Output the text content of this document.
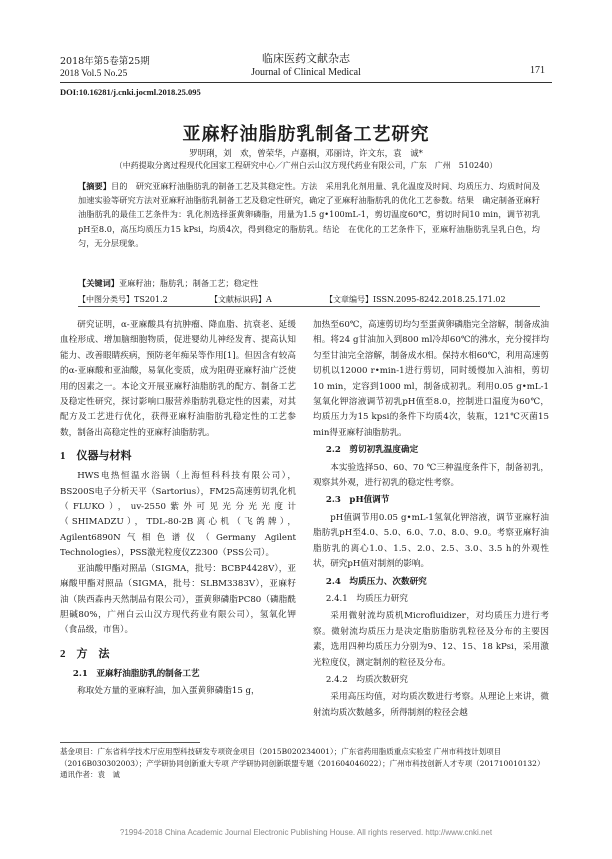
2018年第5卷第25期
2018 Vol.5 No.25
临床医药文献杂志
Journal of Clinical Medical	171
DOI:10.16281/j.cnki.jocml.2018.25.095
亚麻籽油脂肪乳制备工艺研究
罗明琍，刘　欢，曾荣华，卢嘉榈，邓丽诗，许文东，袁　诚*
（中药提取分离过程现代化国家工程研究中心／广州白云山汉方现代药业有限公司，广东　广州　510240）
【摘要】目的　研究亚麻籽油脂肪乳的制备工艺及其稳定性。方法　采用乳化剂用量、乳化温度及时间、均质压力、均质时间及加速实验等研究方法对亚麻籽油脂肪乳制备工艺及稳定性研究，确定了亚麻籽油脂肪乳的优化工艺参数。结果　确定制备亚麻籽油脂肪乳的最佳工艺条件为：乳化剂选择蛋黄卵磷脂，用量为1.5 g•100mL-1，剪切温度60℃，剪切时间10 min，调节初乳pH至8.0，高压均质压力15 kPsi，均质4次，得到稳定的脂肪乳。结论　在优化的工艺条件下，亚麻籽油脂肪乳呈乳白色，均匀，无分层现象。
【关键词】亚麻籽油；脂肪乳；制备工艺；稳定性
【中图分类号】TS201.2	【文献标识码】A	【文章编号】ISSN.2095-8242.2018.25.171.02

研究证明，α-亚麻酸具有抗肿瘤、降血脂、抗衰老、延缓血栓形成、增加脑细胞物质，促进婴幼儿神经发育、提高认知能力、改善眼睛疾病，预防老年痴呆等作用[1]。但因含有较高的α-亚麻酸和亚油酸，易氧化变质，成为阻碍亚麻籽油广泛使用的因素之一。本论文开展亚麻籽油脂肪乳的配方、制备工艺及稳定性研究，探讨影响口服营养脂肪乳稳定性的因素，对其配方及工艺进行优化，获得亚麻籽油脂肪乳稳定性的工艺参数，制备出高稳定性的亚麻籽油脂肪乳。

1　仪器与材料

HWS电热恒温水浴锅（上海恒科科技有限公司），BS200S电子分析天平（Sartorius），FM25高速剪切乳化机（FLUKO），uv-2550紫外可见光分光光度计（SHIMADZU），TDL-80-2B离心机（飞鸽牌），Agilent6890N气相色谱仪（Germany Agilent Technologies），PSS激光粒度仪Z2300（PSS公司）。

亚油酸甲酯对照品（SIGMA，批号：BCBP4428V），亚麻酸甲酯对照品（SIGMA，批号：SLBM3383V），亚麻籽油（陕西森冉天然制品有限公司），蛋黄卵磷脂PC80（磷脂酰胆碱80%，广州白云山汉方现代药业有限公司），氢氧化钾（食品级，市售）。

2　方　法
2.1　亚麻籽油脂肪乳的制备工艺

称取处方量的亚麻籽油，加入蛋黄卵磷脂15 g，

加热至60℃，高速剪切均匀至蛋黄卵磷脂完全溶解，制备成油相。将24 g甘油加入到800 ml冷却60℃的沸水，充分搅拌均匀至甘油完全溶解，制备成水相。保持水相60℃，利用高速剪切机以12000 r•min-1进行剪切，同时缓慢加入油相，剪切10 min，定容到1000 ml，制备成初乳。利用0.05 g•mL-1氢氧化钾溶液调节初乳pH值至8.0，控制进口温度为60℃，均质压力为15 kpsi的条件下均质4次，装瓶，121℃灭菌15 min得亚麻籽油脂肪乳。

2.2　剪切初乳温度确定

本实验选择50、60、70 ℃三种温度条件下，制备初乳，观察其外观，进行初乳的稳定性考察。

2.3　pH值调节

pH值调节用0.05 g•mL-1氢氧化钾溶液，调节亚麻籽油脂肪乳pH至4.0、5.0、6.0、7.0、8.0、9.0。考察亚麻籽油脂肪乳的离心1.0、1.5、2.0、2.5、3.0、3.5 h的外观性状，研究pH值对制剂的影响。

2.4　均质压力、次数研究
2.4.1　均质压力研究

采用微射流均质机Microfluidizer，对均质压力进行考察。微射流均质压力是决定脂肪脂肪乳粒径及分布的主要因素，选用四种均质压力分别为9、12、15、18 kPsi，采用激光粒度仪，测定制剂的粒径及分布。

2.4.2　均质次数研究

采用高压均值，对均质次数进行考察。从理论上来讲，微射流均质次数越多，所得制剂的粒径会越

基金项目：广东省科学技术厅应用型科技研发专项资金项目（2015B020234001）；广东省药用脂质重点实验室 广州市科技计划项目（2016B030302003）；产学研协同创新重大专项 产学研协同创新联盟专题（201604046022）；广州市科技创新人才专项（201710010132）
通讯作者：袁　诚
?1994-2018 China Academic Journal Electronic Publishing House. All rights reserved. http://www.cnki.net
